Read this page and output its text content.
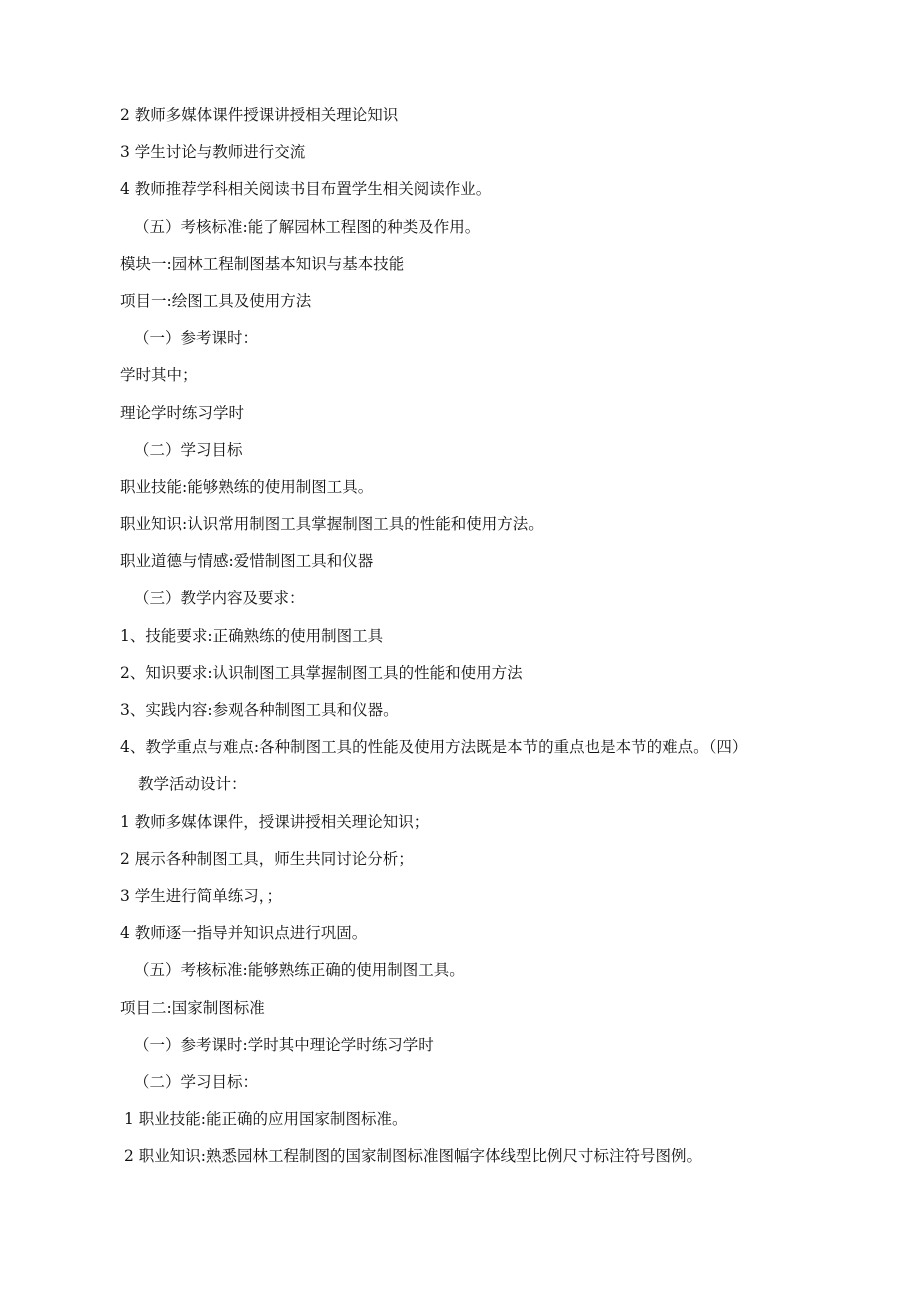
2 教师多媒体课件授课讲授相关理论知识
3 学生讨论与教师进行交流
4 教师推荐学科相关阅读书目布置学生相关阅读作业。
（五）考核标准:能了解园林工程图的种类及作用。
模块一:园林工程制图基本知识与基本技能
项目一:绘图工具及使用方法
（一）参考课时：
学时其中；
理论学时练习学时
（二）学习目标
职业技能:能够熟练的使用制图工具。
职业知识:认识常用制图工具掌握制图工具的性能和使用方法。
职业道德与情感:爱惜制图工具和仪器
（三）教学内容及要求：
1、技能要求:正确熟练的使用制图工具
2、知识要求:认识制图工具掌握制图工具的性能和使用方法
3、实践内容:参观各种制图工具和仪器。
4、教学重点与难点:各种制图工具的性能及使用方法既是本节的重点也是本节的难点。（四）
教学活动设计：
1 教师多媒体课件，授课讲授相关理论知识；
2 展示各种制图工具，师生共同讨论分析；
3 学生进行简单练习，；
4 教师逐一指导并知识点进行巩固。
（五）考核标准:能够熟练正确的使用制图工具。
项目二:国家制图标准
（一）参考课时:学时其中理论学时练习学时
（二）学习目标：
1 职业技能:能正确的应用国家制图标准。
2 职业知识:熟悉园林工程制图的国家制图标准图幅字体线型比例尺寸标注符号图例。
